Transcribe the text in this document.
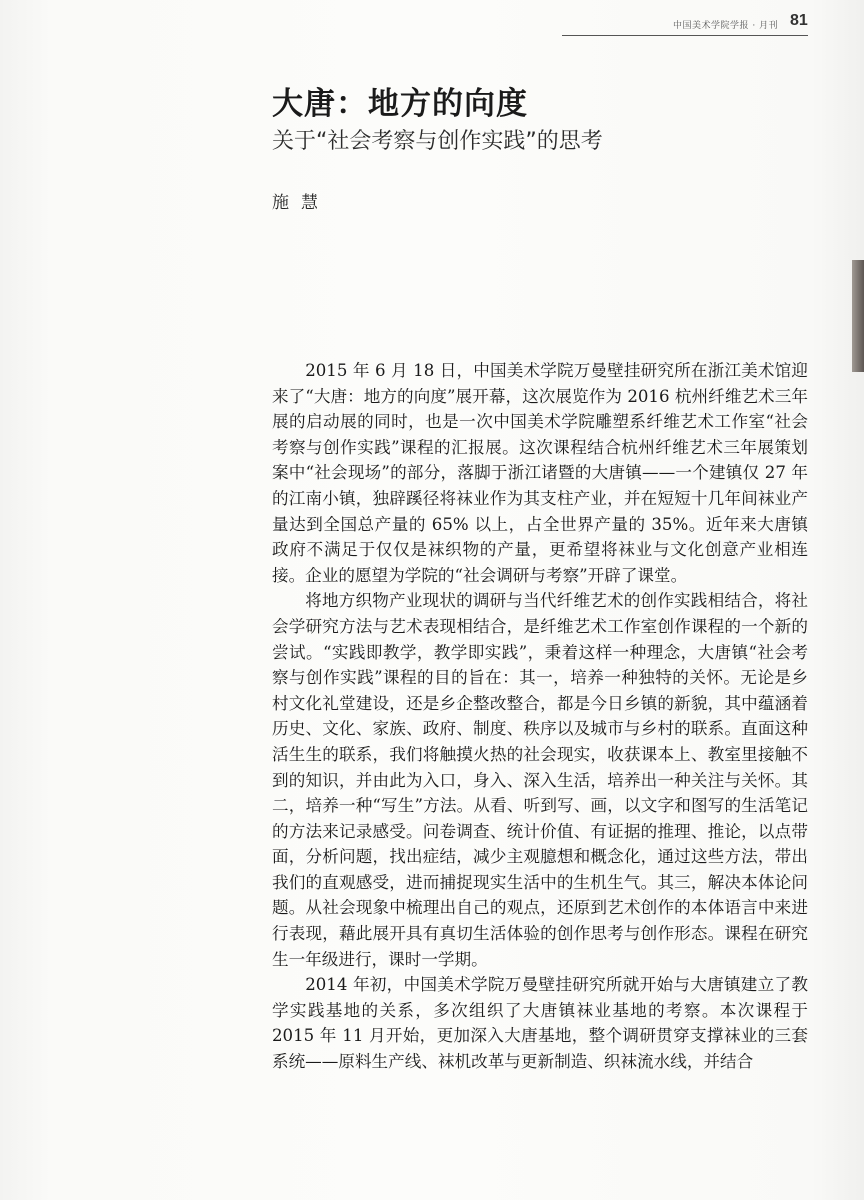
中国美术学院学报 · 月刊 81
大唐：地方的向度
关于“社会考察与创作实践”的思考
施慧

2015 年 6 月 18 日，中国美术学院万曼壁挂研究所在浙江美术馆迎来了“大唐：地方的向度”展开幕，这次展览作为 2016 杭州纤维艺术三年展的启动展的同时，也是一次中国美术学院雕塑系纤维艺术工作室“社会考察与创作实践”课程的汇报展。这次课程结合杭州纤维艺术三年展策划案中“社会现场”的部分，落脚于浙江诸暨的大唐镇——一个建镇仅 27 年的江南小镇，独辟蹊径将袜业作为其支柱产业，并在短短十几年间袜业产量达到全国总产量的 65% 以上，占全世界产量的 35%。近年来大唐镇政府不满足于仅仅是袜织物的产量，更希望将袜业与文化创意产业相连接。企业的愿望为学院的“社会调研与考察”开辟了课堂。

将地方织物产业现状的调研与当代纤维艺术的创作实践相结合，将社会学研究方法与艺术表现相结合，是纤维艺术工作室创作课程的一个新的尝试。“实践即教学，教学即实践”，秉着这样一种理念，大唐镇“社会考察与创作实践”课程的目的旨在：其一，培养一种独特的关怀。无论是乡村文化礼堂建设，还是乡企整改整合，都是今日乡镇的新貌，其中蕴涵着历史、文化、家族、政府、制度、秩序以及城市与乡村的联系。直面这种活生生的联系，我们将触摸火热的社会现实，收获课本上、教室里接触不到的知识，并由此为入口，身入、深入生活，培养出一种关注与关怀。其二，培养一种“写生”方法。从看、听到写、画，以文字和图写的生活笔记的方法来记录感受。问卷调查、统计价值、有证据的推理、推论，以点带面，分析问题，找出症结，减少主观臆想和概念化，通过这些方法，带出我们的直观感受，进而捕捉现实生活中的生机生气。其三，解决本体论问题。从社会现象中梳理出自己的观点，还原到艺术创作的本体语言中来进行表现，藉此展开具有真切生活体验的创作思考与创作形态。课程在研究生一年级进行，课时一学期。

2014 年初，中国美术学院万曼壁挂研究所就开始与大唐镇建立了教学实践基地的关系，多次组织了大唐镇袜业基地的考察。本次课程于 2015 年 11 月开始，更加深入大唐基地，整个调研贯穿支撑袜业的三套系统——原料生产线、袜机改革与更新制造、织袜流水线，并结合
